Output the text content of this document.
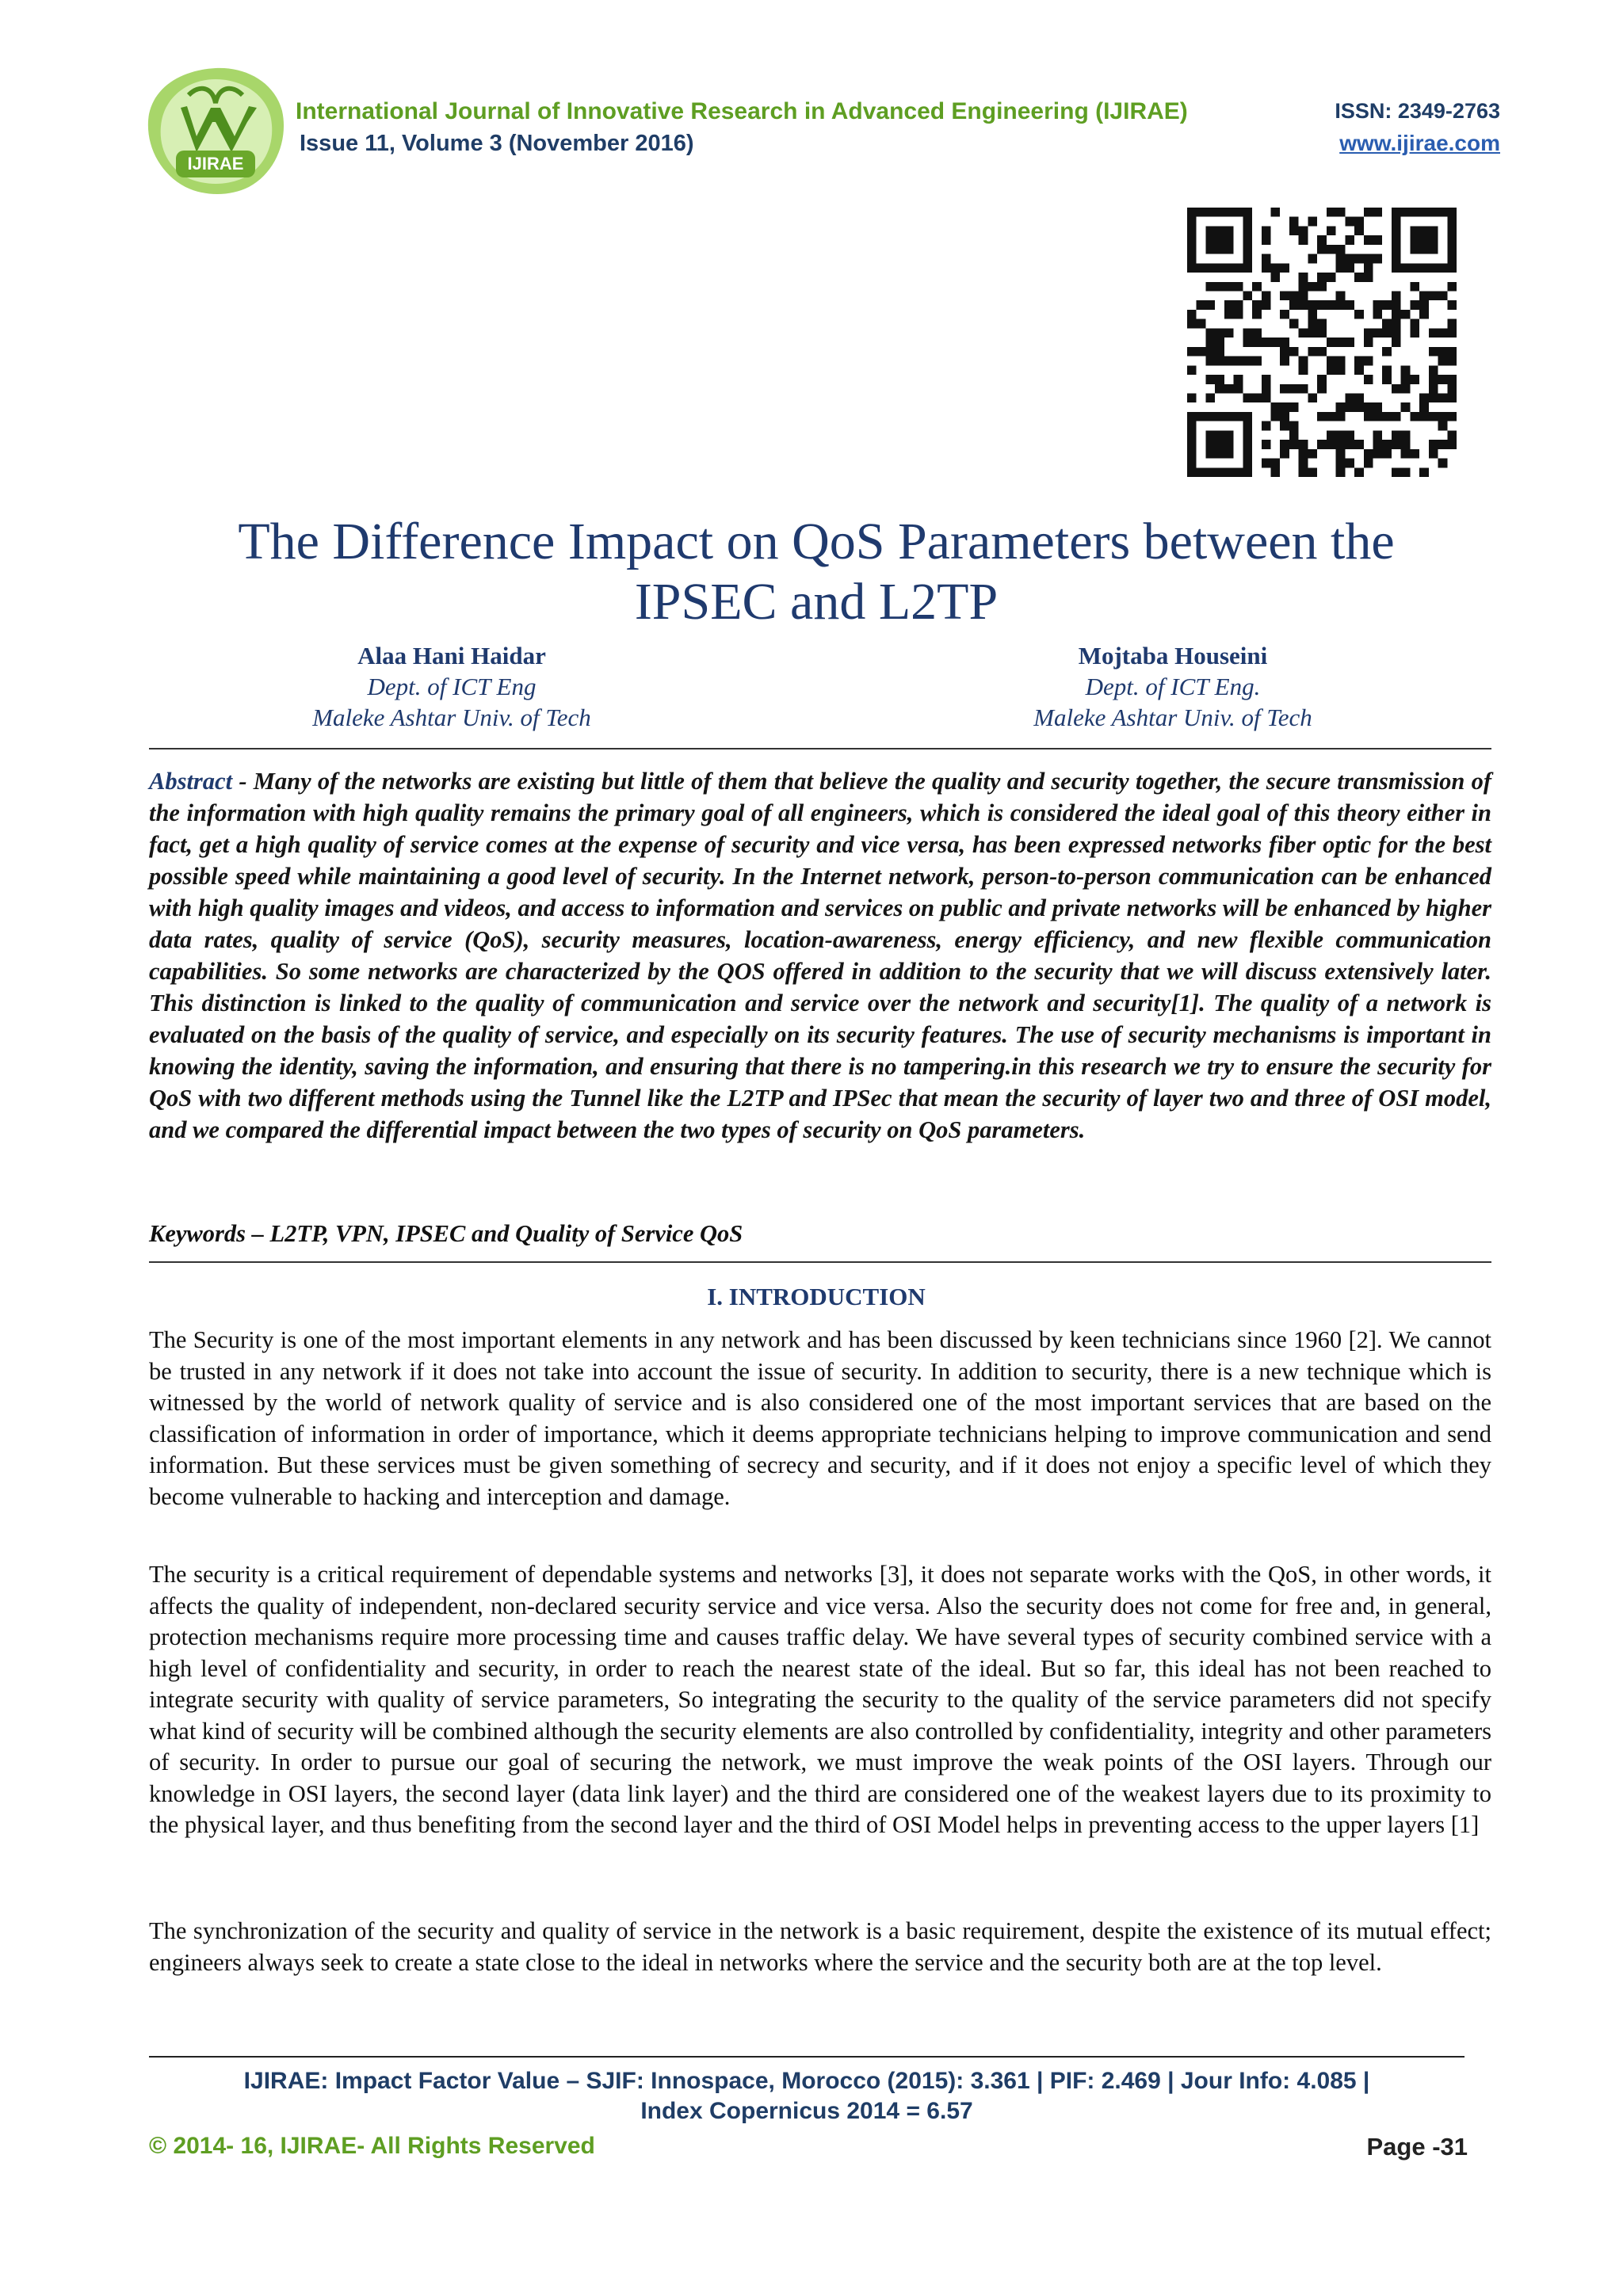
IJIRAE
International Journal of Innovative Research in Advanced Engineering (IJIRAE)	ISSN: 2349-2763
Issue 11, Volume 3 (November 2016)	www.ijirae.com
The Difference Impact on QoS Parameters between the
IPSEC and L2TP
Alaa Hani Haidar
Dept. of ICT Eng
Maleke Ashtar Univ. of Tech
Mojtaba Houseini
Dept. of ICT Eng.
Maleke Ashtar Univ. of Tech
Abstract - Many of the networks are existing but little of them that believe the quality and security together, the secure transmission of the information with high quality remains the primary goal of all engineers, which is considered the ideal goal of this theory either in fact, get a high quality of service comes at the expense of security and vice versa, has been expressed networks fiber optic for the best possible speed while maintaining a good level of security. In the Internet network, person-to-person communication can be enhanced with high quality images and videos, and access to information and services on public and private networks will be enhanced by higher data rates, quality of service (QoS), security measures, location-awareness, energy efficiency, and new flexible communication capabilities. So some networks are characterized by the QOS offered in addition to the security that we will discuss extensively later. This distinction is linked to the quality of communication and service over the network and security[1]. The quality of a network is evaluated on the basis of the quality of service, and especially on its security features. The use of security mechanisms is important in knowing the identity, saving the information, and ensuring that there is no tampering.in this research we try to ensure the security for QoS with two different methods using the Tunnel like the L2TP and IPSec that mean the security of layer two and three of OSI model, and we compared the differential impact between the two types of security on QoS parameters.
Keywords – L2TP, VPN, IPSEC and Quality of Service QoS
I. INTRODUCTION
The Security is one of the most important elements in any network and has been discussed by keen technicians since 1960 [2]. We cannot be trusted in any network if it does not take into account the issue of security. In addition to security, there is a new technique which is witnessed by the world of network quality of service and is also considered one of the most important services that are based on the classification of information in order of importance, which it deems appropriate technicians helping to improve communication and send information. But these services must be given something of secrecy and security, and if it does not enjoy a specific level of which they become vulnerable to hacking and interception and damage.
The security is a critical requirement of dependable systems and networks [3], it does not separate works with the QoS, in other words, it affects the quality of independent, non-declared security service and vice versa. Also the security does not come for free and, in general, protection mechanisms require more processing time and causes traffic delay. We have several types of security combined service with a high level of confidentiality and security, in order to reach the nearest state of the ideal. But so far, this ideal has not been reached to integrate security with quality of service parameters, So integrating the security to the quality of the service parameters did not specify what kind of security will be combined although the security elements are also controlled by confidentiality, integrity and other parameters of security. In order to pursue our goal of securing the network, we must improve the weak points of the OSI layers. Through our knowledge in OSI layers, the second layer (data link layer) and the third are considered one of the weakest layers due to its proximity to the physical layer, and thus benefiting from the second layer and the third of OSI Model helps in preventing access to the upper layers [1]
The synchronization of the security and quality of service in the network is a basic requirement, despite the existence of its mutual effect; engineers always seek to create a state close to the ideal in networks where the service and the security both are at the top level.
IJIRAE: Impact Factor Value – SJIF: Innospace, Morocco (2015): 3.361 | PIF: 2.469 | Jour Info: 4.085 |
Index Copernicus 2014 = 6.57
© 2014- 16, IJIRAE- All Rights Reserved	Page -31
